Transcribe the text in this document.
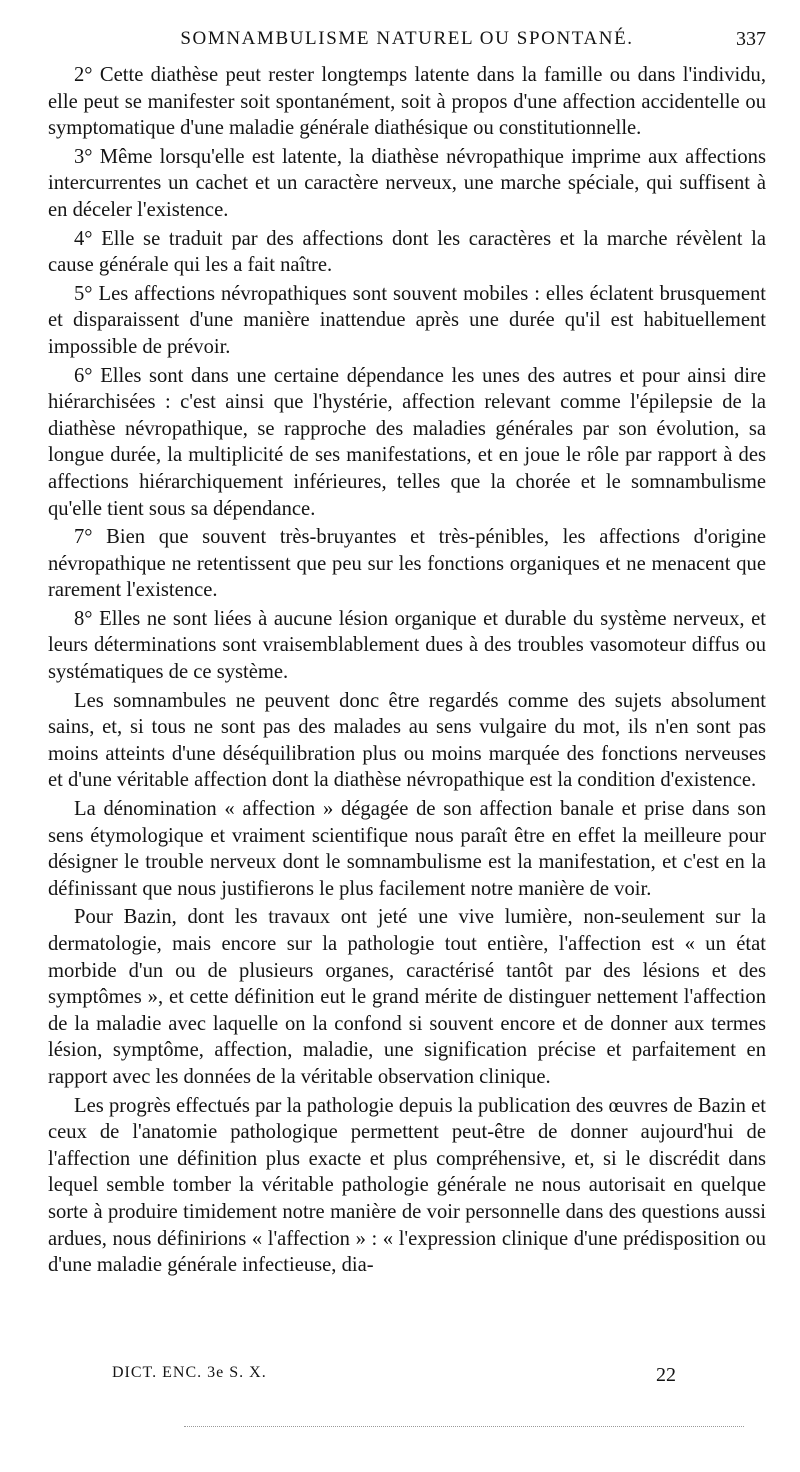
SOMNAMBULISME NATUREL OU SPONTANÉ.	337

2° Cette diathèse peut rester longtemps latente dans la famille ou dans l'individu, elle peut se manifester soit spontanément, soit à propos d'une affection accidentelle ou symptomatique d'une maladie générale diathésique ou constitutionnelle.

3° Même lorsqu'elle est latente, la diathèse névropathique imprime aux affections intercurrentes un cachet et un caractère nerveux, une marche spéciale, qui suffisent à en déceler l'existence.

4° Elle se traduit par des affections dont les caractères et la marche révèlent la cause générale qui les a fait naître.

5° Les affections névropathiques sont souvent mobiles : elles éclatent brusquement et disparaissent d'une manière inattendue après une durée qu'il est habituellement impossible de prévoir.

6° Elles sont dans une certaine dépendance les unes des autres et pour ainsi dire hiérarchisées : c'est ainsi que l'hystérie, affection relevant comme l'épilepsie de la diathèse névropathique, se rapproche des maladies générales par son évolution, sa longue durée, la multiplicité de ses manifestations, et en joue le rôle par rapport à des affections hiérarchiquement inférieures, telles que la chorée et le somnambulisme qu'elle tient sous sa dépendance.

7° Bien que souvent très-bruyantes et très-pénibles, les affections d'origine névropathique ne retentissent que peu sur les fonctions organiques et ne menacent que rarement l'existence.

8° Elles ne sont liées à aucune lésion organique et durable du système nerveux, et leurs déterminations sont vraisemblablement dues à des troubles vasomoteur diffus ou systématiques de ce système.

Les somnambules ne peuvent donc être regardés comme des sujets absolument sains, et, si tous ne sont pas des malades au sens vulgaire du mot, ils n'en sont pas moins atteints d'une déséquilibration plus ou moins marquée des fonctions nerveuses et d'une véritable affection dont la diathèse névropathique est la condition d'existence.

La dénomination « affection » dégagée de son affection banale et prise dans son sens étymologique et vraiment scientifique nous paraît être en effet la meilleure pour désigner le trouble nerveux dont le somnambulisme est la manifestation, et c'est en la définissant que nous justifierons le plus facilement notre manière de voir.

Pour Bazin, dont les travaux ont jeté une vive lumière, non-seulement sur la dermatologie, mais encore sur la pathologie tout entière, l'affection est « un état morbide d'un ou de plusieurs organes, caractérisé tantôt par des lésions et des symptômes », et cette définition eut le grand mérite de distinguer nettement l'affection de la maladie avec laquelle on la confond si souvent encore et de donner aux termes lésion, symptôme, affection, maladie, une signification précise et parfaitement en rapport avec les données de la véritable observation clinique.

Les progrès effectués par la pathologie depuis la publication des œuvres de Bazin et ceux de l'anatomie pathologique permettent peut-être de donner aujourd'hui de l'affection une définition plus exacte et plus compréhensive, et, si le discrédit dans lequel semble tomber la véritable pathologie générale ne nous autorisait en quelque sorte à produire timidement notre manière de voir personnelle dans des questions aussi ardues, nous définirions « l'affection » : « l'expression clinique d'une prédisposition ou d'une maladie générale infectieuse, dia-

DICT. ENC. 3e S. X.	22
